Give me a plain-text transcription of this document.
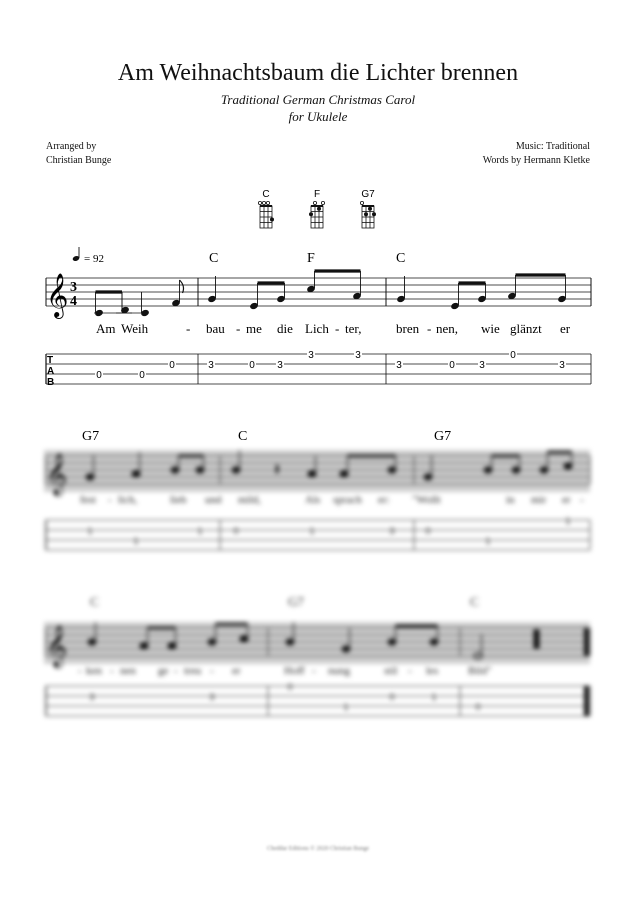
Am Weihnachtsbaum die Lichter brennen
Traditional German Christmas Carol
for Ukulele
Arranged by
Christian Bunge
Music: Traditional
Words by Hermann Kletke
C	F	G7
= 92	C	F	C
𝄞 3
4
Am Weih	- bau - me die Lich - ter,	bren - nen, wie glänzt er
T
A
B
0	0
0	3	0 3
3	3
3	0 3
0
3
G7	C	G7
𝄞	𝄽
fest - lich,	lieb und mild,	Als sprach er: "Wollt	in mir er -
1
1
1	0	1	3	0
1
1
C	G7	C
𝄞
- ken - nen ge - treu - er	Hoff - nung	stil - les	Bild"
3	3
0
1
0	1
0
Cheddar Editions © 2020 Christian Bunge
